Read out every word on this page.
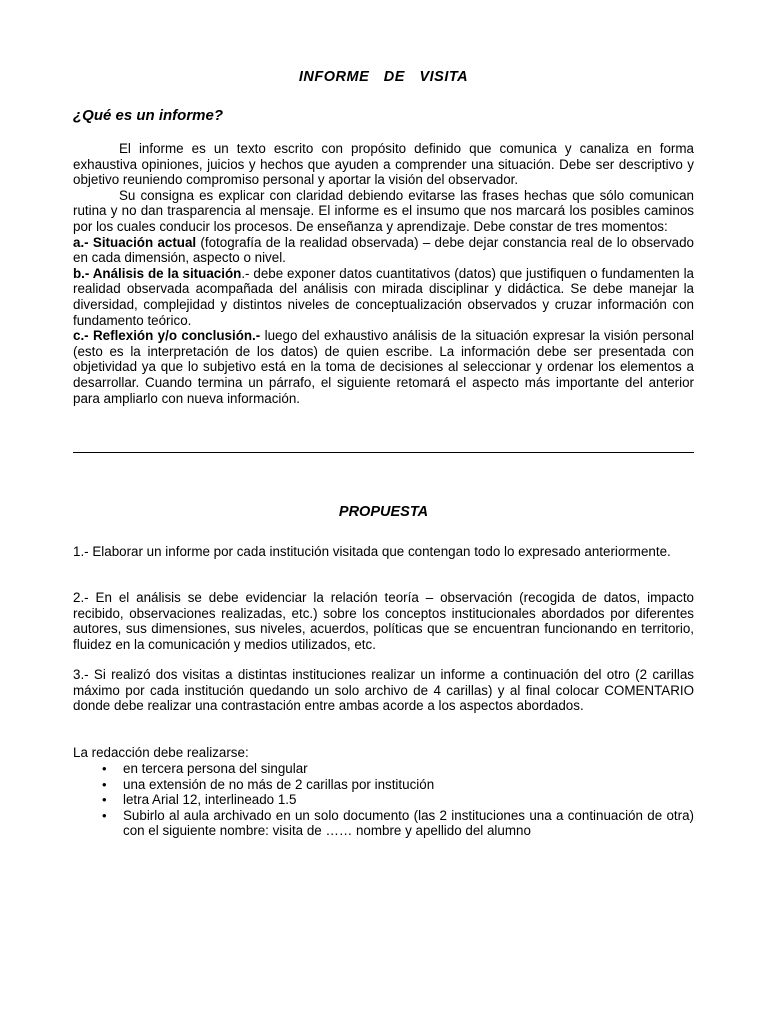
INFORME DE VISITA
¿Qué es un informe?

El informe es un texto escrito con propósito definido que comunica y canaliza en forma exhaustiva opiniones, juicios y hechos que ayuden a comprender una situación. Debe ser descriptivo y objetivo reuniendo compromiso personal y aportar la visión del observador.

Su consigna es explicar con claridad debiendo evitarse las frases hechas que sólo comunican rutina y no dan trasparencia al mensaje. El informe es el insumo que nos marcará los posibles caminos por los cuales conducir los procesos. De enseñanza y aprendizaje. Debe constar de tres momentos:

a.- Situación actual (fotografía de la realidad observada) – debe dejar constancia real de lo observado en cada dimensión, aspecto o nivel.

b.- Análisis de la situación.- debe exponer datos cuantitativos (datos) que justifiquen o fundamenten la realidad observada acompañada del análisis con mirada disciplinar y didáctica. Se debe manejar la diversidad, complejidad y distintos niveles de conceptualización observados y cruzar información con fundamento teórico.

c.- Reflexión y/o conclusión.- luego del exhaustivo análisis de la situación expresar la visión personal (esto es la interpretación de los datos) de quien escribe. La información debe ser presentada con objetividad ya que lo subjetivo está en la toma de decisiones al seleccionar y ordenar los elementos a desarrollar. Cuando termina un párrafo, el siguiente retomará el aspecto más importante del anterior para ampliarlo con nueva información.

PROPUESTA

1.- Elaborar un informe por cada institución visitada que contengan todo lo expresado anteriormente.

2.- En el análisis se debe evidenciar la relación teoría – observación (recogida de datos, impacto recibido, observaciones realizadas, etc.) sobre los conceptos institucionales abordados por diferentes autores, sus dimensiones, sus niveles, acuerdos, políticas que se encuentran funcionando en territorio, fluidez en la comunicación y medios utilizados, etc.

3.- Si realizó dos visitas a distintas instituciones realizar un informe a continuación del otro (2 carillas máximo por cada institución quedando un solo archivo de 4 carillas) y al final colocar COMENTARIO donde debe realizar una contrastación entre ambas acorde a los aspectos abordados.

La redacción debe realizarse:

• en tercera persona del singular
• una extensión de no más de 2 carillas por institución
• letra Arial 12, interlineado 1.5
• Subirlo al aula archivado en un solo documento (las 2 instituciones una a continuación de otra) con el siguiente nombre: visita de …… nombre y apellido del alumno
